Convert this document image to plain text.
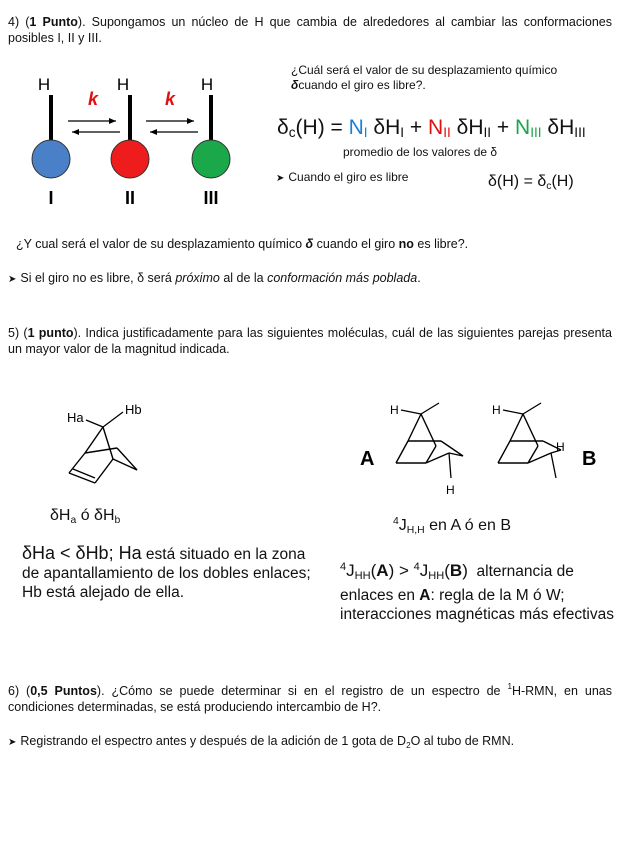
4) (1 Punto). Supongamos un núcleo de H que cambia de alrededores al cambiar las conformaciones posibles I, II y III.
H
I
k
H
II
k
H
III
¿Cuál será el valor de su desplazamiento químico
δcuando el giro es libre?.
$\delta_c(H) = N_I$ $\delta H_I + N_{II}$ $\delta H_{II} + N_{III}$ $\delta H_{III}$
promedio de los valores de δ
➤ Cuando el giro es libre	$\delta(H) = \delta_c(H)$
¿Y cual será el valor de su desplazamiento químico δ cuando el giro no es libre?.
➤ Si el giro no es libre, δ será próximo al de la conformación más poblada.
5) (1 punto). Indica justificadamente para las siguientes moléculas, cuál de las siguientes parejas presenta un mayor valor de la magnitud indicada.
Ha
Hb
A
H
H
H
H
B
$\delta H_a$ ó $\delta H_b$	$^4J_{H,H}$ en A ó en B
δHa < δHb; Ha está situado en la zona de apantallamiento de los dobles enlaces; Hb está alejado de ella.
$^4J_{HH}(A) > ^4J_{HH}(B)$ alternancia de enlaces en A: regla de la M ó W; interacciones magnéticas más efectivas
6) (0,5 Puntos). ¿Cómo se puede determinar si en el registro de un espectro de $^1$H-RMN, en unas condiciones determinadas, se está produciendo intercambio de H?.
➤ Registrando el espectro antes y después de la adición de 1 gota de $D_2O$ al tubo de RMN.
